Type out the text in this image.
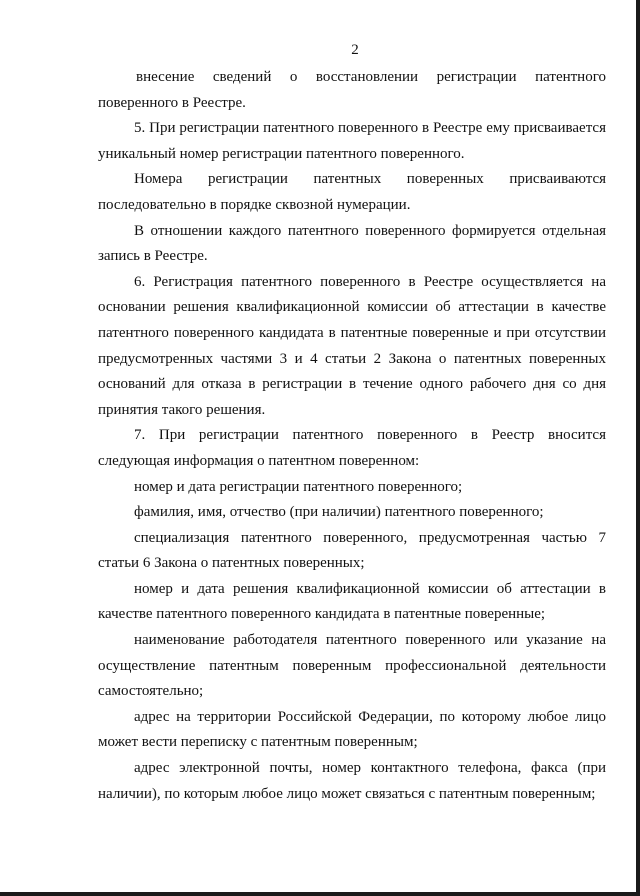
2

внесение сведений о восстановлении регистрации патентного поверенного в Реестре.

5. При регистрации патентного поверенного в Реестре ему присваивается уникальный номер регистрации патентного поверенного.

Номера регистрации патентных поверенных присваиваются последовательно в порядке сквозной нумерации.

В отношении каждого патентного поверенного формируется отдельная запись в Реестре.

6. Регистрация патентного поверенного в Реестре осуществляется на основании решения квалификационной комиссии об аттестации в качестве патентного поверенного кандидата в патентные поверенные и при отсутствии предусмотренных частями 3 и 4 статьи 2 Закона о патентных поверенных оснований для отказа в регистрации в течение одного рабочего дня со дня принятия такого решения.

7. При регистрации патентного поверенного в Реестр вносится следующая информация о патентном поверенном:

номер и дата регистрации патентного поверенного;

фамилия, имя, отчество (при наличии) патентного поверенного;

специализация патентного поверенного, предусмотренная частью 7 статьи 6 Закона о патентных поверенных;

номер и дата решения квалификационной комиссии об аттестации в качестве патентного поверенного кандидата в патентные поверенные;

наименование работодателя патентного поверенного или указание на осуществление патентным поверенным профессиональной деятельности самостоятельно;

адрес на территории Российской Федерации, по которому любое лицо может вести переписку с патентным поверенным;

адрес электронной почты, номер контактного телефона, факса (при наличии), по которым любое лицо может связаться с патентным поверенным;
